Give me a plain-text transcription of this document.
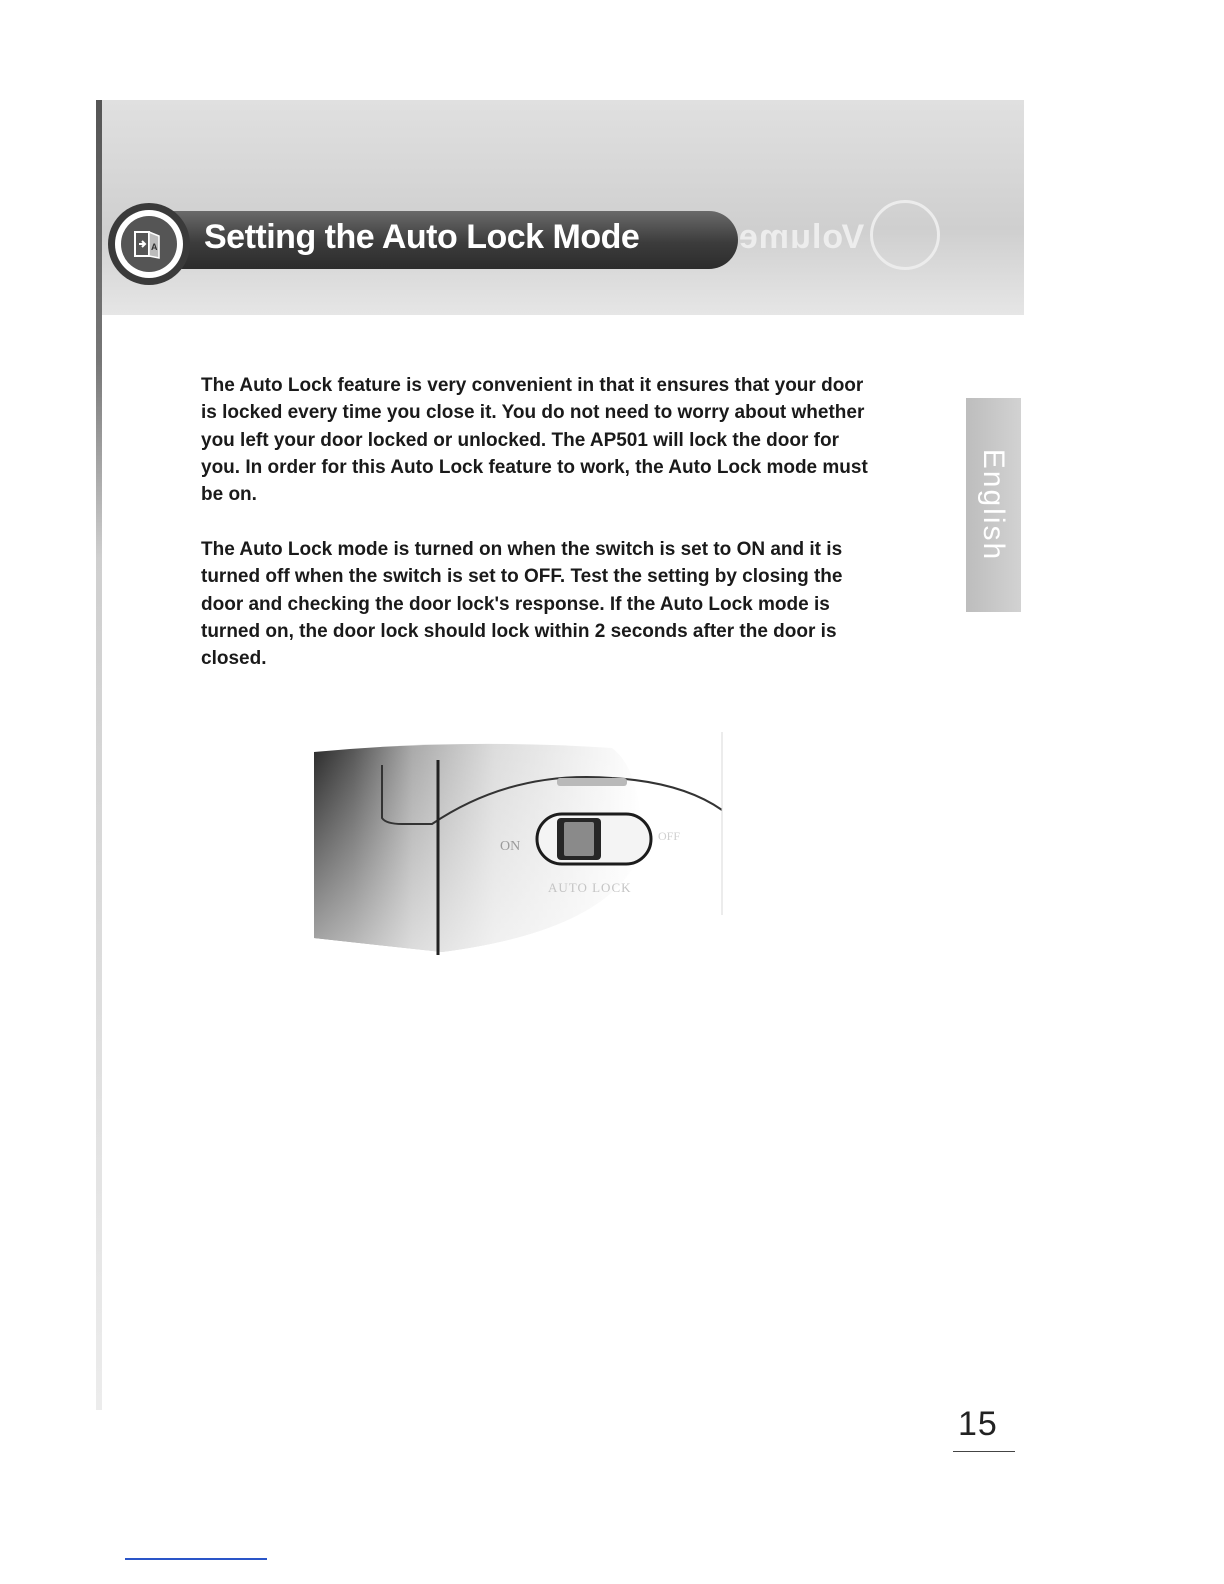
Volume
Setting the Auto Lock Mode
A
English

The Auto Lock feature is very convenient in that it ensures that your door is locked every time you close it. You do not need to worry about whether you left your door locked or unlocked. The AP501 will lock the door for you. In order for this Auto Lock feature to work, the Auto Lock mode must be on.

The Auto Lock mode is turned on when the switch is set to ON and it is turned off when the switch is set to OFF. Test the setting by closing the door and checking the door lock's response. If the Auto Lock mode is turned on, the door lock should lock within 2 seconds after the door is closed.

ON
OFF
AUTO LOCK
15
